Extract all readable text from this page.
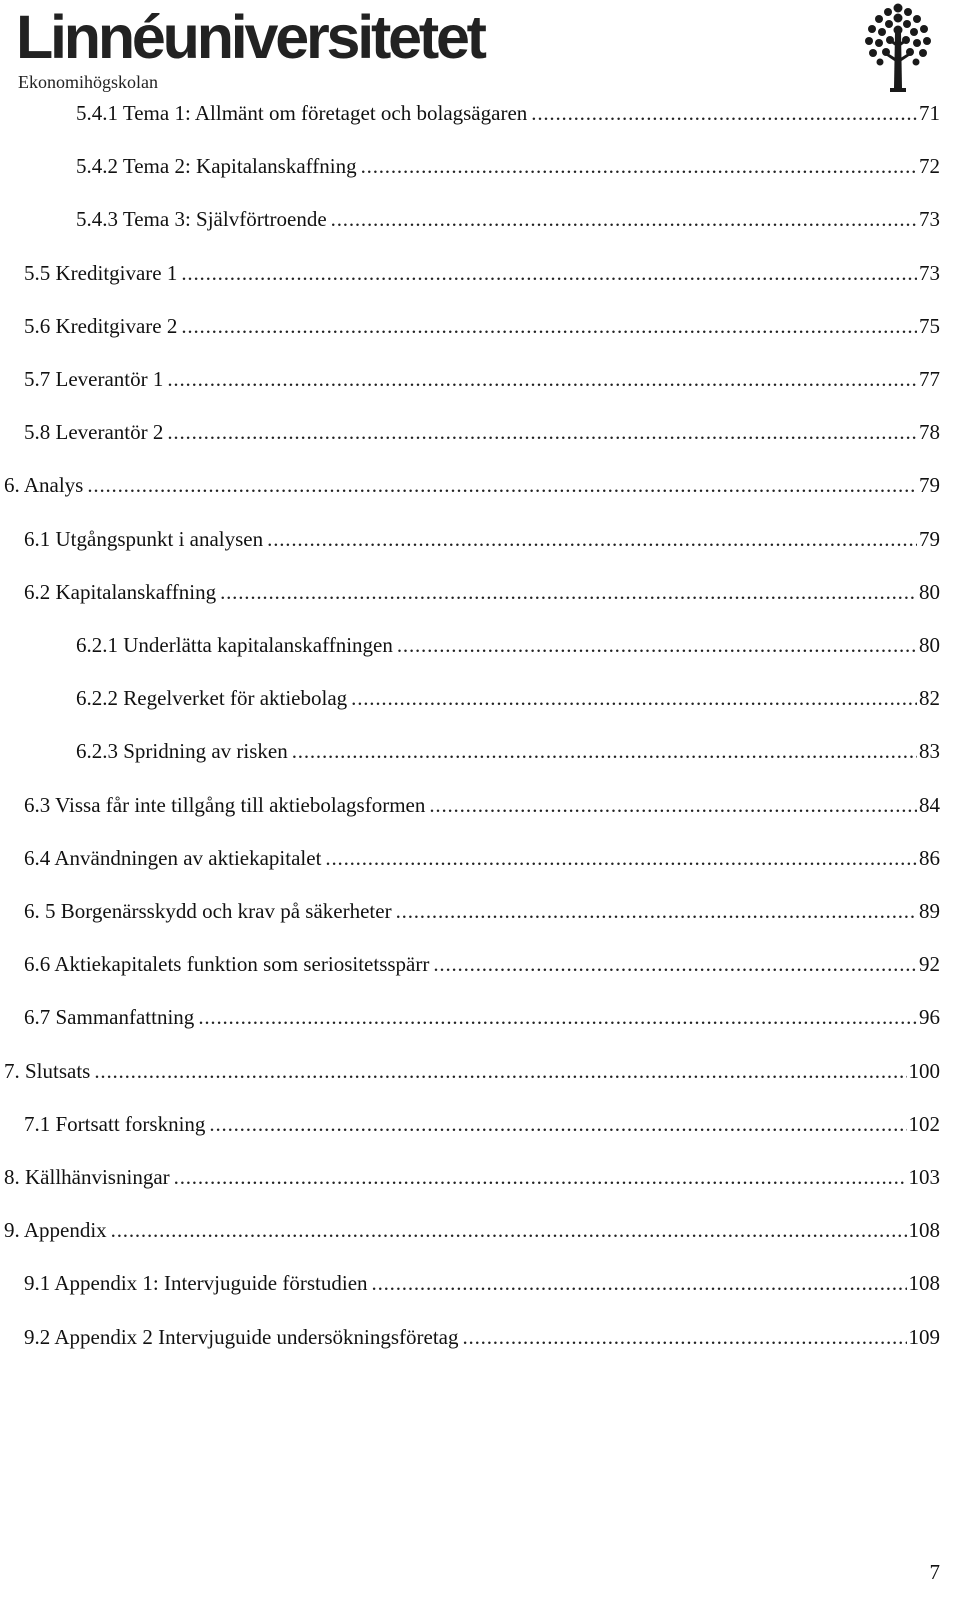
Linnéuniversitetet
Ekonomihögskolan
5.4.1 Tema 1: Allmänt om företaget och bolagsägaren .....	71
5.4.2 Tema 2: Kapitalanskaffning .....	72
5.4.3 Tema 3: Självförtroende .....	73
5.5 Kreditgivare 1 .....	73
5.6 Kreditgivare 2 .....	75
5.7 Leverantör 1 .....	77
5.8 Leverantör 2 .....	78
6. Analys .....	79
6.1 Utgångspunkt i analysen .....	79
6.2 Kapitalanskaffning .....	80
6.2.1 Underlätta kapitalanskaffningen .....	80
6.2.2 Regelverket för aktiebolag .....	82
6.2.3 Spridning av risken .....	83
6.3 Vissa får inte tillgång till aktiebolagsformen .....	84
6.4 Användningen av aktiekapitalet .....	86
6. 5 Borgenärsskydd och krav på säkerheter .....	89
6.6 Aktiekapitalets funktion som seriositetsspärr .....	92
6.7 Sammanfattning .....	96
7. Slutsats .....	100
7.1 Fortsatt forskning .....	102
8. Källhänvisningar .....	103
9. Appendix .....	108
9.1 Appendix 1: Intervjuguide förstudien .....	108
9.2 Appendix 2 Intervjuguide undersökningsföretag .....	109
7
